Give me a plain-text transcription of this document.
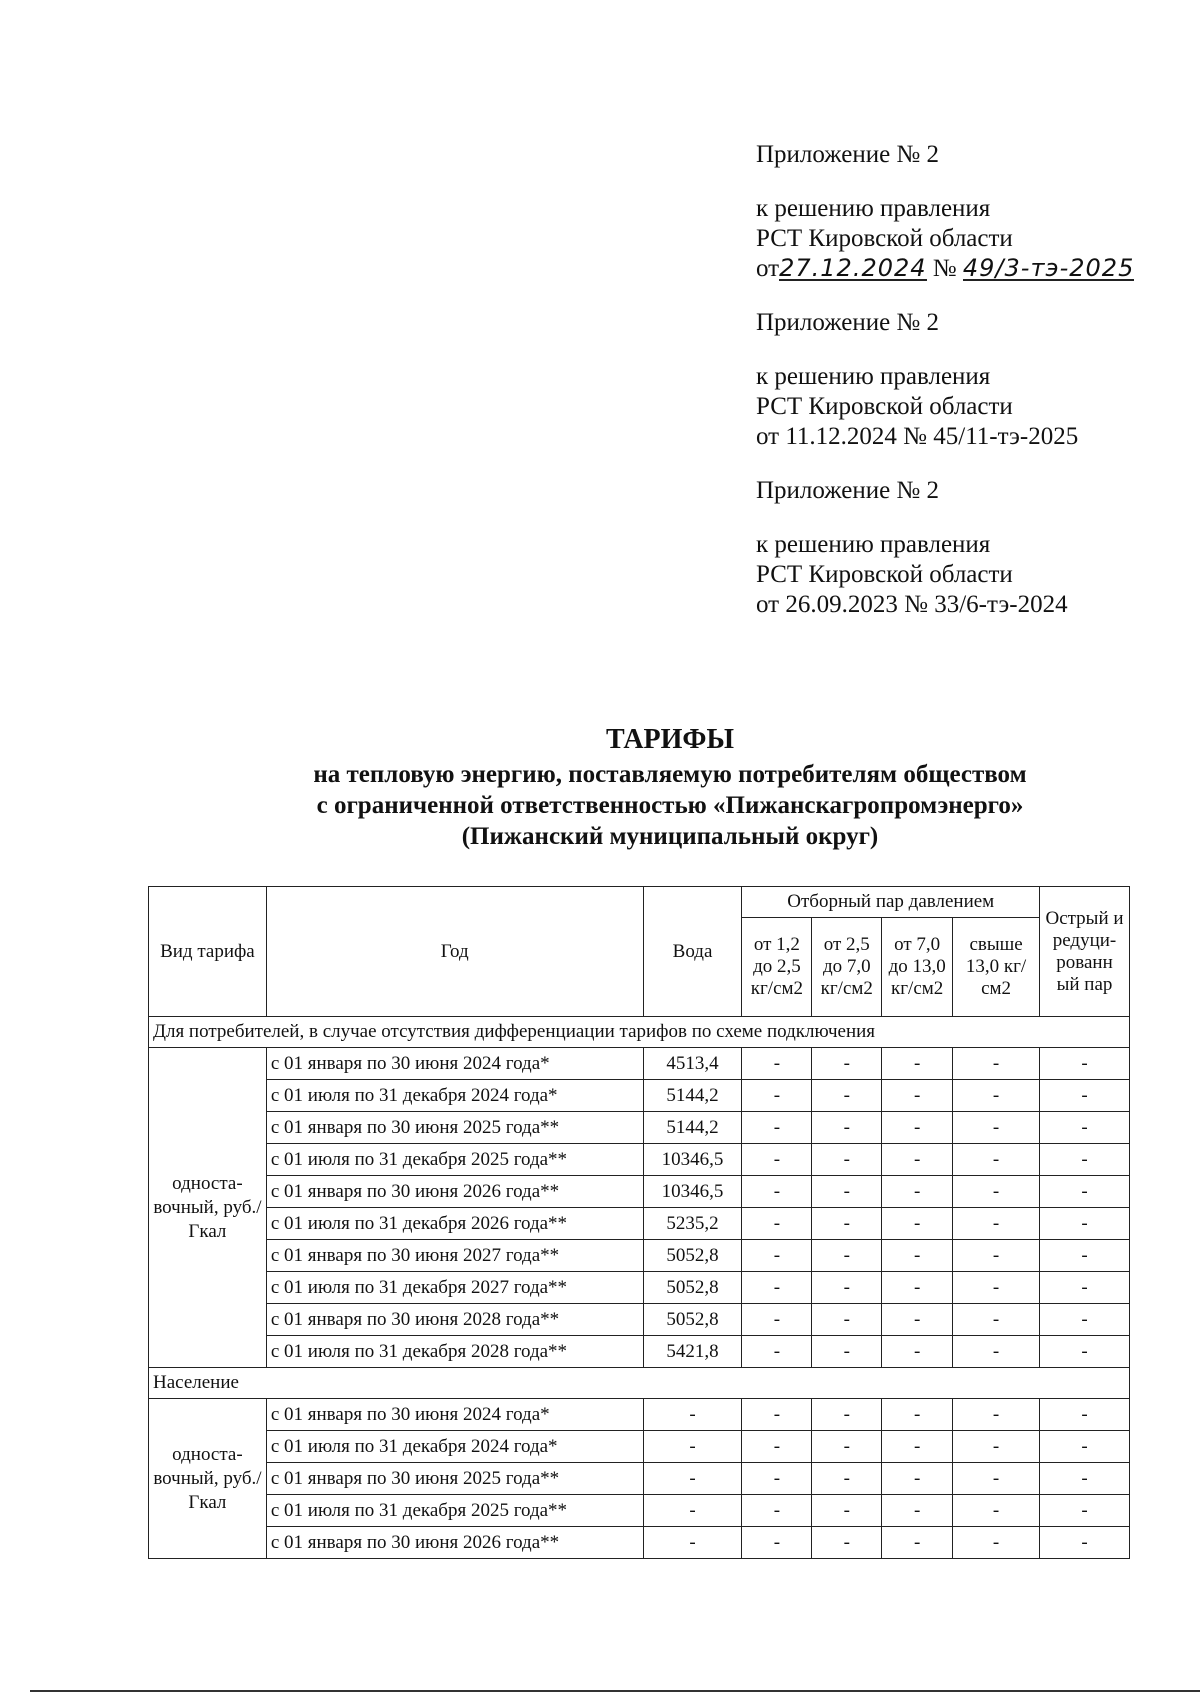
Приложение № 2
к решению правления
РСТ Кировской области
от27.12.2024 № 49/3-тэ-2025
Приложение № 2
к решению правления
РСТ Кировской области
от 11.12.2024 № 45/11-тэ-2025
Приложение № 2
к решению правления
РСТ Кировской области
от 26.09.2023 № 33/6-тэ-2024
ТАРИФЫ
на тепловую энергию, поставляемую потребителям обществом
с ограниченной ответственностью «Пижанскагропромэнерго»
(Пижанский муниципальный округ)
Вид тарифа	Год	Вода	Отборный пар давлением				Острый и редуци-рованн ый пар
			от 1,2 до 2,5 кг/см2	от 2,5 до 7,0 кг/см2	от 7,0 до 13,0 кг/см2	свыше 13,0 кг/см2	
Для потребителей, в случае отсутствия дифференциации тарифов по схеме подключения							
односта-вочный, руб./Гкал	с 01 января по 30 июня 2024 года*	4513,4	-	-	-	-	-
	с 01 июля по 31 декабря 2024 года*	5144,2	-	-	-	-	-
	с 01 января по 30 июня 2025 года**	5144,2	-	-	-	-	-
	с 01 июля по 31 декабря 2025 года**	10346,5	-	-	-	-	-
	с 01 января по 30 июня 2026 года**	10346,5	-	-	-	-	-
	с 01 июля по 31 декабря 2026 года**	5235,2	-	-	-	-	-
	с 01 января по 30 июня 2027 года**	5052,8	-	-	-	-	-
	с 01 июля по 31 декабря 2027 года**	5052,8	-	-	-	-	-
	с 01 января по 30 июня 2028 года**	5052,8	-	-	-	-	-
	с 01 июля по 31 декабря 2028 года**	5421,8	-	-	-	-	-
Население							
односта-вочный, руб./Гкал	с 01 января по 30 июня 2024 года*	-	-	-	-	-	-
	с 01 июля по 31 декабря 2024 года*	-	-	-	-	-	-
	с 01 января по 30 июня 2025 года**	-	-	-	-	-	-
	с 01 июля по 31 декабря 2025 года**	-	-	-	-	-	-
	с 01 января по 30 июня 2026 года**	-	-	-	-	-	-
